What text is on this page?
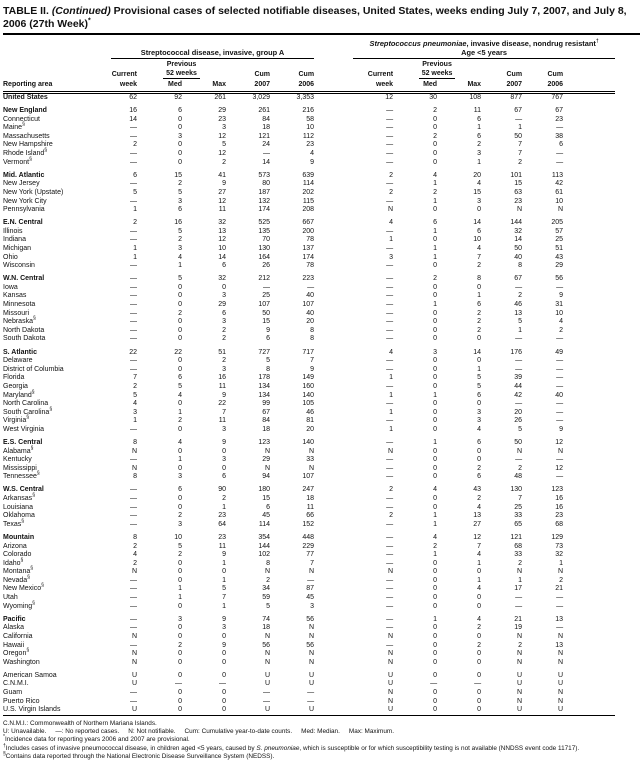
TABLE II. (Continued) Provisional cases of selected notifiable diseases, United States, weeks ending July 7, 2007, and July 8, 2006 (27th Week)*
	Streptococcal disease, invasive, group A						Streptococcus pneumoniae, invasive disease, nondrug resistant†
Age <5 years					

	Current	Previous
52 weeks		Cum	Cum		Current	Previous
52 weeks		Cum	Cum	
Reporting area	week	Med	Max	2007	2006		week	Med	Max	2007	2006	
United States	62	92	261	3,029	3,353		12	30	108	877	767	

New England	16	6	29	261	216		—	2	11	67	67	
Connecticut	14	0	23	84	58		—	0	6	—	23	
Maine§	—	0	3	18	10		—	0	1	1	—	
Massachusetts	—	3	12	121	112		—	2	6	50	38	
New Hampshire	2	0	5	24	23		—	0	2	7	6	
Rhode Island§	—	0	12	—	4		—	0	3	7	—	
Vermont§	—	0	2	14	9		—	0	1	2	—	

Mid. Atlantic	6	15	41	573	639		2	4	20	101	113	
New Jersey	—	2	9	80	114		—	1	4	15	42	
New York (Upstate)	5	5	27	187	202		2	2	15	63	61	
New York City	—	3	12	132	115		—	1	3	23	10	
Pennsylvania	1	6	11	174	208		N	0	0	N	N	

E.N. Central	2	16	32	525	667		4	6	14	144	205	
Illinois	—	5	13	135	200		—	1	6	32	57	
Indiana	—	2	12	70	78		1	0	10	14	25	
Michigan	1	3	10	130	137		—	1	4	50	51	
Ohio	1	4	14	164	174		3	1	7	40	43	
Wisconsin	—	1	6	26	78		—	0	2	8	29	

W.N. Central	—	5	32	212	223		—	2	8	67	56	
Iowa	—	0	0	—	—		—	0	0	—	—	
Kansas	—	0	3	25	40		—	0	1	2	9	
Minnesota	—	0	29	107	107		—	1	6	46	31	
Missouri	—	2	6	50	40		—	0	2	13	10	
Nebraska§	—	0	3	15	20		—	0	2	5	4	
North Dakota	—	0	2	9	8		—	0	2	1	2	
South Dakota	—	0	2	6	8		—	0	0	—	—	

S. Atlantic	22	22	51	727	717		4	3	14	176	49	
Delaware	—	0	2	5	7		—	0	0	—	—	
District of Columbia	—	0	3	8	9		—	0	1	—	—	
Florida	7	6	16	178	149		1	0	5	39	—	
Georgia	2	5	11	134	160		—	0	5	44	—	
Maryland§	5	4	9	134	140		1	1	6	42	40	
North Carolina	4	0	22	99	105		—	0	0	—	—	
South Carolina§	3	1	7	67	46		1	0	3	20	—	
Virginia§	1	2	11	84	81		—	0	3	26	—	
West Virginia	—	0	3	18	20		1	0	4	5	9	

E.S. Central	8	4	9	123	140		—	1	6	50	12	
Alabama§	N	0	0	N	N		N	0	0	N	N	
Kentucky	—	1	3	29	33		—	0	0	—	—	
Mississippi	N	0	0	N	N		—	0	2	2	12	
Tennessee§	8	3	6	94	107		—	0	6	48	—	

W.S. Central	—	6	90	180	247		2	4	43	130	123	
Arkansas§	—	0	2	15	18		—	0	2	7	16	
Louisiana	—	0	1	6	11		—	0	4	25	16	
Oklahoma	—	2	23	45	66		2	1	13	33	23	
Texas§	—	3	64	114	152		—	1	27	65	68	

Mountain	8	10	23	354	448		—	4	12	121	129	
Arizona	2	5	11	144	229		—	2	7	68	73	
Colorado	4	2	9	102	77		—	1	4	33	32	
Idaho§	2	0	1	8	7		—	0	1	2	1	
Montana§	N	0	0	N	N		N	0	0	N	N	
Nevada§	—	0	1	2	—		—	0	1	1	2	
New Mexico§	—	1	5	34	87		—	0	4	17	21	
Utah	—	1	7	59	45		—	0	0	—	—	
Wyoming§	—	0	1	5	3		—	0	0	—	—	

Pacific	—	3	9	74	56		—	1	4	21	13	
Alaska	—	0	3	18	N		—	0	2	19	—	
California	N	0	0	N	N		N	0	0	N	N	
Hawaii	—	2	9	56	56		—	0	2	2	13	
Oregon§	N	0	0	N	N		N	0	0	N	N	
Washington	N	0	0	N	N		N	0	0	N	N	

American Samoa	U	0	0	U	U		U	0	0	U	U	
C.N.M.I.	U	—	—	U	U		U	—	—	U	U	
Guam	—	0	0	—	—		N	0	0	N	N	
Puerto Rico	—	0	0	—	—		N	0	0	N	N	
U.S. Virgin Islands	U	0	0	U	U		U	0	0	U	U	
C.N.M.I.: Commonwealth of Northern Mariana Islands.
U: Unavailable. —: No reported cases. N: Not notifiable. Cum: Cumulative year-to-date counts. Med: Median. Max: Maximum.
*Incidence data for reporting years 2006 and 2007 are provisional.
†Includes cases of invasive pneumococcal disease, in children aged <5 years, caused by S. pneumoniae, which is susceptible or for which susceptibility testing is not available (NNDSS event code 11717).
§Contains data reported through the National Electronic Disease Surveillance System (NEDSS).
